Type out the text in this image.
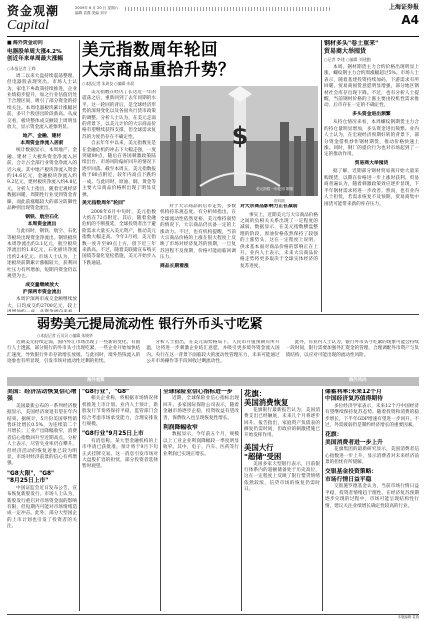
资金观潮
Capital
2009年 6 月 20 日 星期六
编辑 袁燕 美编 刘平
上海证券报
A4
■ 海外资金动向
电器股单周大涨4.2%
创近年来单周最大涨幅
○本报记者 王晔
周二以来大盘持续震荡整理，但电器股表现突出。市场人士认为，家电下乡政策持续推进，企业业绩稳步提升，加之行业估值仍处于合理区间，吸引了部分资金的持续关注。本周电器板块累计涨幅居前，多只个股创出阶段新高。从成交看，板块整体成交额较上周明显放大，显示资金流入迹象明显。
地产、金融、建材
本周资金净流入居前
统计数据显示，本周地产、金融、建材三大板块资金净流入居前，合计占全部行业资金净流入的近六成。其中地产板块净流入资金约14.6亿元，金融板块净流入约9.2亿元，建材板块净流入约4.8亿元。分析人士指出，随着宏观经济数据回暖，周期性行业受到资金青睐，而此前涨幅较大的部分防御性品种则出现资金流出。
钢铁、航空石化
本周资金流出
与此同时，钢铁、航空、石化等板块出现资金净流出。钢铁板块本周净流出约3.1亿元，航空板块净流出约1.8亿元，石化板块净流出约2.4亿元。市场人士认为，上述板块前期累计涨幅较大，获利回吐压力有所增加，短期内资金仍以观望为主。
成交量继续放大
沪深两市资金流出
本周沪深两市成交金额继续放大，日均成交约2700亿元，较上
美元指数周年轮回
大宗商品重拾升势？
○本报记者 朱周良 ○编辑 申晨
美元指数在经历了长达近一年的震荡之后，重新回到了去年同期的水平。这一轮回的背后，是全球经济形势的深刻变化以及各国央行货币政策的调整。分析人士认为，在美元走弱的背景下，以美元计价的大宗商品价格有望继续获得支撑，但全球需求复苏的力度仍存在不确定性。
自去年年中以来，美元指数先是在金融危机的冲击下大幅走强，一度突破89点，随后在各国刺激政策陆续出台、市场风险偏好回升的情况下逐步回落。截至本周五，美元指数报收于80点附近，较年内高点下跌约一成。与此同时，原油、铜、黄金等主要大宗商品价格则出现了明显反弹。
美元指数周年"轮回"
2008年6月中旬时，美元指数大约在72点附近。其后，随着金融危机的不断蔓延，全球投资者出于避险需求大量买入美元资产，推动美元指数大幅走高。今年3月初，美元指数一度升至89点上方，创下近三年来新高。不过，随着美联储宣布购买国债等量化宽松措施，美元开始步入下跌通道。
$
美元指数一年轮回 制图
资料图
对于大宗商品的后市走势，多数机构持乐观态度。有分析师指出，在全球流动性依然宽裕、美元维持弱势的情况下，大宗商品仍具备一定的上涨动力。不过，也有机构提醒，当前大宗商品价格的上涨在很大程度上反映了市场对经济复苏的预期，一旦复苏进程不及预期，价格可能面临回调压力。
商品长期看涨
对大宗商品影响力正在减弱
事实上，近期美元与大宗商品价格之间的负相关关系出现了一定程度的减弱。数据显示，在美元指数横盘整理的阶段，原油价格依然保持了较强的上涨势头，这在一定程度上说明，供求基本面对商品价格的影响正在上升。业内人士表示，未来大宗商品价格走势将更多取决于全球实体经济的复苏进度。
钢材多头"卷土重来"
贸易商大举囤货
○记者 李建 ○编辑 刘建勤
本周，钢材期货主力合约价格出现明显上涨，螺纹钢主力合约周涨幅超过5%。市场人士表示，随着基建投资持续加码，下游需求有所回暖，贸易商囤货意愿明显增强，部分地区钢材社会库存出现下降。不过，也有分析人士提醒，当前钢材价格的上涨主要由投机性需求推动，后市存在一定的不确定性。
多头资金进出频繁
从持仓情况来看，本周螺纹钢期货主力合约持仓量明显增加，多头资金进出频繁。业内人士认为，在宏观经济预期好转的背景下，部分资金借机炒作钢材期货，推动价格快速上涨。同时，钢厂的提价行为也对市场起到了一定的推动作用。
贸易商大举囤货
据了解，近期部分钢材贸易商开始大量采购现货，以期在价格进一步上涨时获利。贸易商普遍认为，随着刺激政策效应逐步显现，下半年钢材需求将进一步改善。然而，也有业内人士担忧，若需求恢复不及预期，贸易商集中囤货可能带来新的库存压力。
弱势美元提局流动性 银行外币头寸吃紧
○本报记者 石贝贝 ○编辑 朱晓华
近期美元持续走弱，国内外汇市场出现了一些新的变化。有银行人士透露，部分银行的外币头寸出现吃紧，一些企业开始加快结汇速度，导致银行外币存款增长放缓。与此同时，境外热钱流入的迹象也有所显现，引发市场对流动性过剩的担忧。
分析人士指出，在美元弱势格局下，人民币升值预期有所升温，这将进一步刺激企业结汇意愿，并吸引更多境外资金流入国内。央行在这一背景下面临较大的流动性管理压力，未来可能通过公开市场操作等手段回收过剩流动性。
此外，有业内人士认为，银行外币头寸吃紧的现象可能会持续一段时间，银行需要加强外汇资金的管理，合理调配外币资产与负债结构，以应对可能出现的流动性风险。
海外观察	海外风向
美国：经济活动恢复信心增强
美国最新公布的一系列经济数据显示，美国经济衰退有望在年内结束。据统计，5月份美国零售销售环比增长0.5%，为连续第二个月增长；工业产出降幅收窄，消费者信心指数回升至近期高点。分析人士表示，尽管失业率仍在攀升，但经济活动的恢复迹象已较为明显，市场对经济前景的信心有所增强。
"G8大限"，"G8"
"8月25日上市"
中国证监会近日发布公告，宣布恢复新股发行。市场人士认为，新股发行重启对市场资金面的影响有限，但短期内可能对市场情绪造成一定冲击。此外，部分大型国企的上市计划也引发了投资者的关注。
"G8行业"，"G8"
相关企业称，将根据市场情况择机推进上市计划。业内人士预计，新股发行节奏将保持平稳，监管部门会综合考虑市场承受能力，合理安排发行规模。
"G8行业"9月25日上市
有消息称，某大型金融机构的上市申请已获批准，预计将于9月下旬正式挂牌交易。这一消息引发市场对大盘股扩容的担忧，部分投资者选择暂时观望。
全球保险业信心指标进一步
近期，全球保险业信心指标出现回升。多家国际保险公司表示，随着金融市场逐步企稳，投资收益有望改善，保费收入也呈现恢复性增长。
利润降幅收窄
数据显示，今年前五个月，规模以上工业企业利润降幅较一季度明显收窄。其中，电子、汽车、医药等行业利润已实现正增长。
花旗：
美国消费恢复
花旗银行最新报告认为，美国消费支出已经触底，未来几个月将逐步回升。报告指出，家庭资产负债表的修复仍需时间，但政府的刺激措施已开始发挥作用。
美国大行
"超储"受困
美国多家大型银行表示，目前银行体系内的超额储备处于历史高位，这在一定程度上反映了银行惜贷情绪依然较浓，信贷市场的恢复仍需时日。
储蓄利率:未来12个月
中国经济复苏值得期待
多位经济学家表示，未来12个月中国经济有望继续保持复苏态势。随着投资和消费的稳步增长，下半年GDP增速有望进一步回升。不过，外需疲弱仍是制约经济增长的重要因素。
花旗：
美国消费者进一步上升
花旗集团的最新研究显示，美国消费者信心指数进一步上升，显示消费者对未来经济前景的担忧有所缓解。
交银基金投资策略：
市场行情日益平稳
交银施罗德基金认为，当前市场行情日益平稳，投资者情绪趋于理性。在经济复苏预期逐步兑现的过程中，市场可能呈现结构性行情，建议关注业绩增长确定性较高的行业。
本版编辑 袁燕
